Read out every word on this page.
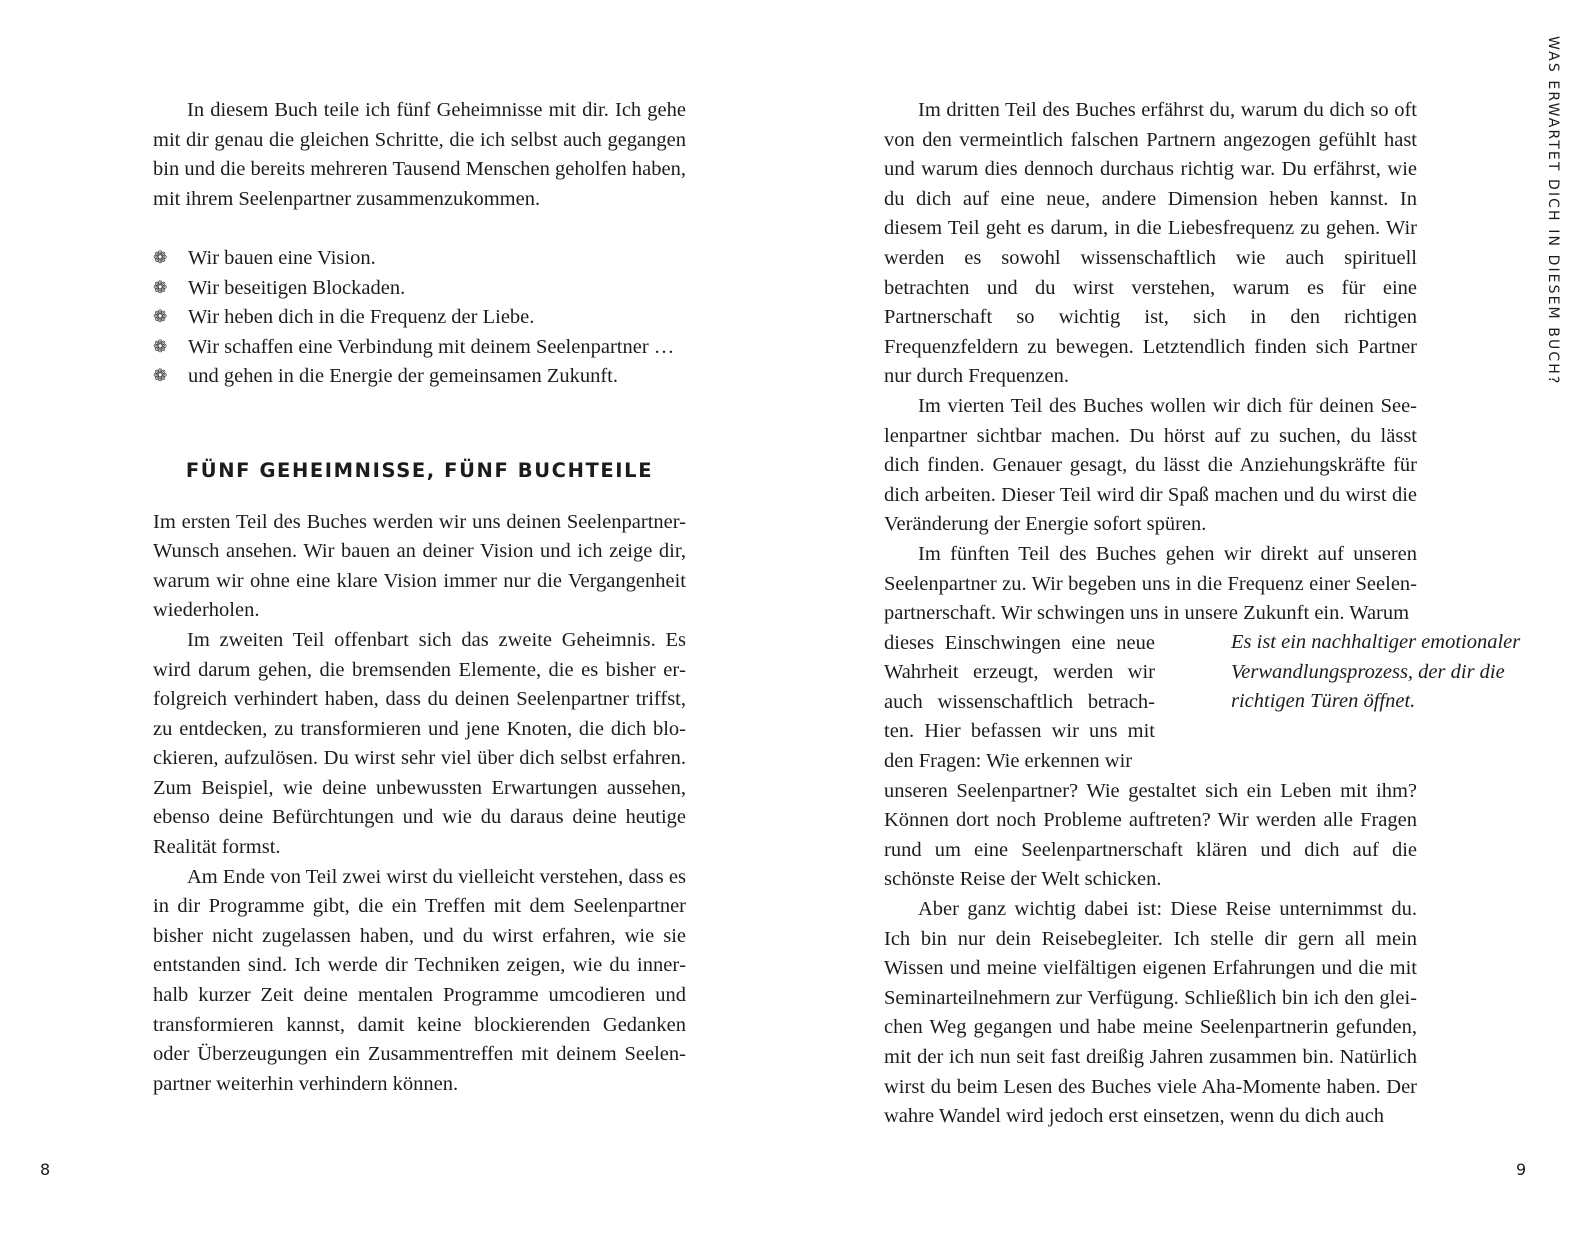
In diesem Buch teile ich fünf Geheimnisse mit dir. Ich gehe mit dir genau die gleichen Schritte, die ich selbst auch gegangen bin und die bereits mehreren Tausend Menschen geholfen haben, mit ihrem Seelenpartner zusammenzukommen.

❁ Wir bauen eine Vision.
❁ Wir beseitigen Blockaden.
❁ Wir heben dich in die Frequenz der Liebe.
❁ Wir schaffen eine Verbindung mit deinem Seelenpartner …
❁ und gehen in die Energie der gemeinsamen Zukunft.
FÜNF GEHEIMNISSE, FÜNF BUCHTEILE

Im ersten Teil des Buches werden wir uns deinen Seelenpartner-Wunsch ansehen. Wir bauen an deiner Vision und ich zeige dir, warum wir ohne eine klare Vision immer nur die Vergangenheit wiederholen.

Im zweiten Teil offenbart sich das zweite Geheimnis. Es wird darum gehen, die bremsenden Elemente, die es bisher erfolgreich verhindert haben, dass du deinen Seelenpartner triffst, zu entdecken, zu transformieren und jene Knoten, die dich blockieren, aufzulösen. Du wirst sehr viel über dich selbst erfahren. Zum Beispiel, wie deine unbewussten Erwartungen aussehen, ebenso deine Befürchtungen und wie du daraus deine heutige Realität formst.

Am Ende von Teil zwei wirst du vielleicht verstehen, dass es in dir Programme gibt, die ein Treffen mit dem Seelenpartner bisher nicht zugelassen haben, und du wirst erfahren, wie sie entstanden sind. Ich werde dir Techniken zeigen, wie du innerhalb kurzer Zeit deine mentalen Programme umcodieren und transformieren kannst, damit keine blockierenden Gedanken oder Überzeugungen ein Zusammentreffen mit deinem Seelenpartner weiterhin verhindern können.

8

Im dritten Teil des Buches erfährst du, warum du dich so oft von den vermeintlich falschen Partnern angezogen gefühlt hast und warum dies dennoch durchaus richtig war. Du erfährst, wie du dich auf eine neue, andere Dimension heben kannst. In diesem Teil geht es darum, in die Liebesfrequenz zu gehen. Wir werden es sowohl wissenschaftlich wie auch spirituell betrachten und du wirst verstehen, warum es für eine Partnerschaft so wichtig ist, sich in den richtigen Frequenzfeldern zu bewegen. Letztendlich finden sich Partner nur durch Frequenzen.

Im vierten Teil des Buches wollen wir dich für deinen Seelenpartner sichtbar machen. Du hörst auf zu suchen, du lässt dich finden. Genauer gesagt, du lässt die Anziehungskräfte für dich arbeiten. Dieser Teil wird dir Spaß machen und du wirst die Veränderung der Energie sofort spüren.

Im fünften Teil des Buches gehen wir direkt auf unseren Seelenpartner zu. Wir begeben uns in die Frequenz einer Seelenpartnerschaft. Wir schwingen uns in unsere Zukunft ein. Warum

dieses Einschwingen eine neue Wahrheit erzeugt, werden wir auch wissenschaftlich betrachten. Hier befassen wir uns mit den Fragen: Wie erkennen wir

unseren Seelenpartner? Wie gestaltet sich ein Leben mit ihm? Können dort noch Probleme auftreten? Wir werden alle Fragen rund um eine Seelenpartnerschaft klären und dich auf die schönste Reise der Welt schicken.

Aber ganz wichtig dabei ist: Diese Reise unternimmst du. Ich bin nur dein Reisebegleiter. Ich stelle dir gern all mein Wissen und meine vielfältigen eigenen Erfahrungen und die mit Seminarteilnehmern zur Verfügung. Schließlich bin ich den gleichen Weg gegangen und habe meine Seelenpartnerin gefunden, mit der ich nun seit fast dreißig Jahren zusammen bin. Natürlich wirst du beim Lesen des Buches viele Aha-Momente haben. Der wahre Wandel wird jedoch erst einsetzen, wenn du dich auch

Es ist ein nachhaltiger emotionaler Verwandlungsprozess, der dir die richtigen Türen öffnet.

WAS ERWARTET DICH IN DIESEM BUCH?
9
